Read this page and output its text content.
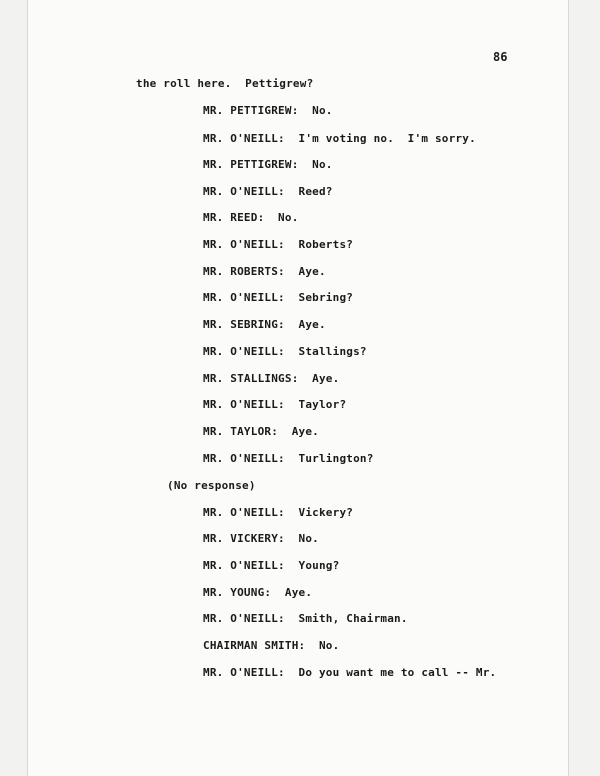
86
the roll here.  Pettigrew?
MR. PETTIGREW:  No.
MR. O'NEILL:  I'm voting no.  I'm sorry.
MR. PETTIGREW:  No.
MR. O'NEILL:  Reed?
MR. REED:  No.
MR. O'NEILL:  Roberts?
MR. ROBERTS:  Aye.
MR. O'NEILL:  Sebring?
MR. SEBRING:  Aye.
MR. O'NEILL:  Stallings?
MR. STALLINGS:  Aye.
MR. O'NEILL:  Taylor?
MR. TAYLOR:  Aye.
MR. O'NEILL:  Turlington?
(No response)
MR. O'NEILL:  Vickery?
MR. VICKERY:  No.
MR. O'NEILL:  Young?
MR. YOUNG:  Aye.
MR. O'NEILL:  Smith, Chairman.
CHAIRMAN SMITH:  No.
MR. O'NEILL:  Do you want me to call -- Mr.
